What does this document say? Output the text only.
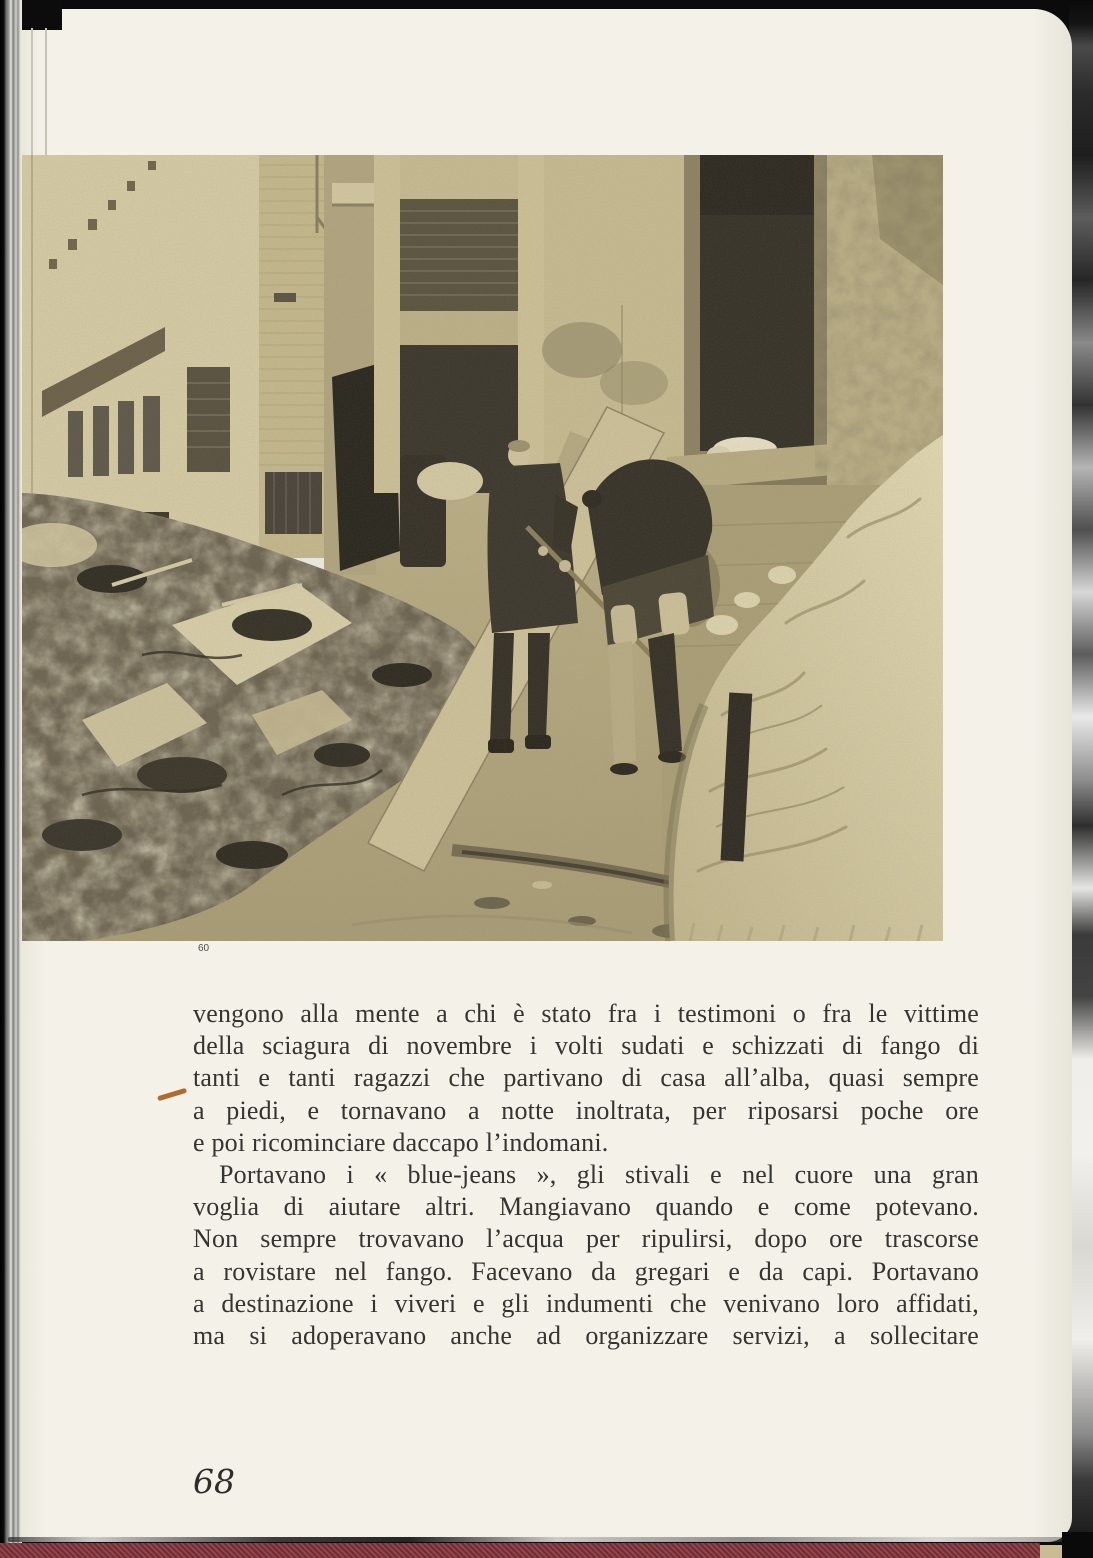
60
vengono alla mente a chi è stato fra i testimoni o fra le vittime
della sciagura di novembre i volti sudati e schizzati di fango di
tanti e tanti ragazzi che partivano di casa all’alba, quasi sempre
a piedi, e tornavano a notte inoltrata, per riposarsi poche ore
e poi ricominciare daccapo l’indomani.
Portavano i « blue-jeans », gli stivali e nel cuore una gran
voglia di aiutare altri. Mangiavano quando e come potevano.
Non sempre trovavano l’acqua per ripulirsi, dopo ore trascorse
a rovistare nel fango. Facevano da gregari e da capi. Portavano
a destinazione i viveri e gli indumenti che venivano loro affidati,
ma si adoperavano anche ad organizzare servizi, a sollecitare
68
